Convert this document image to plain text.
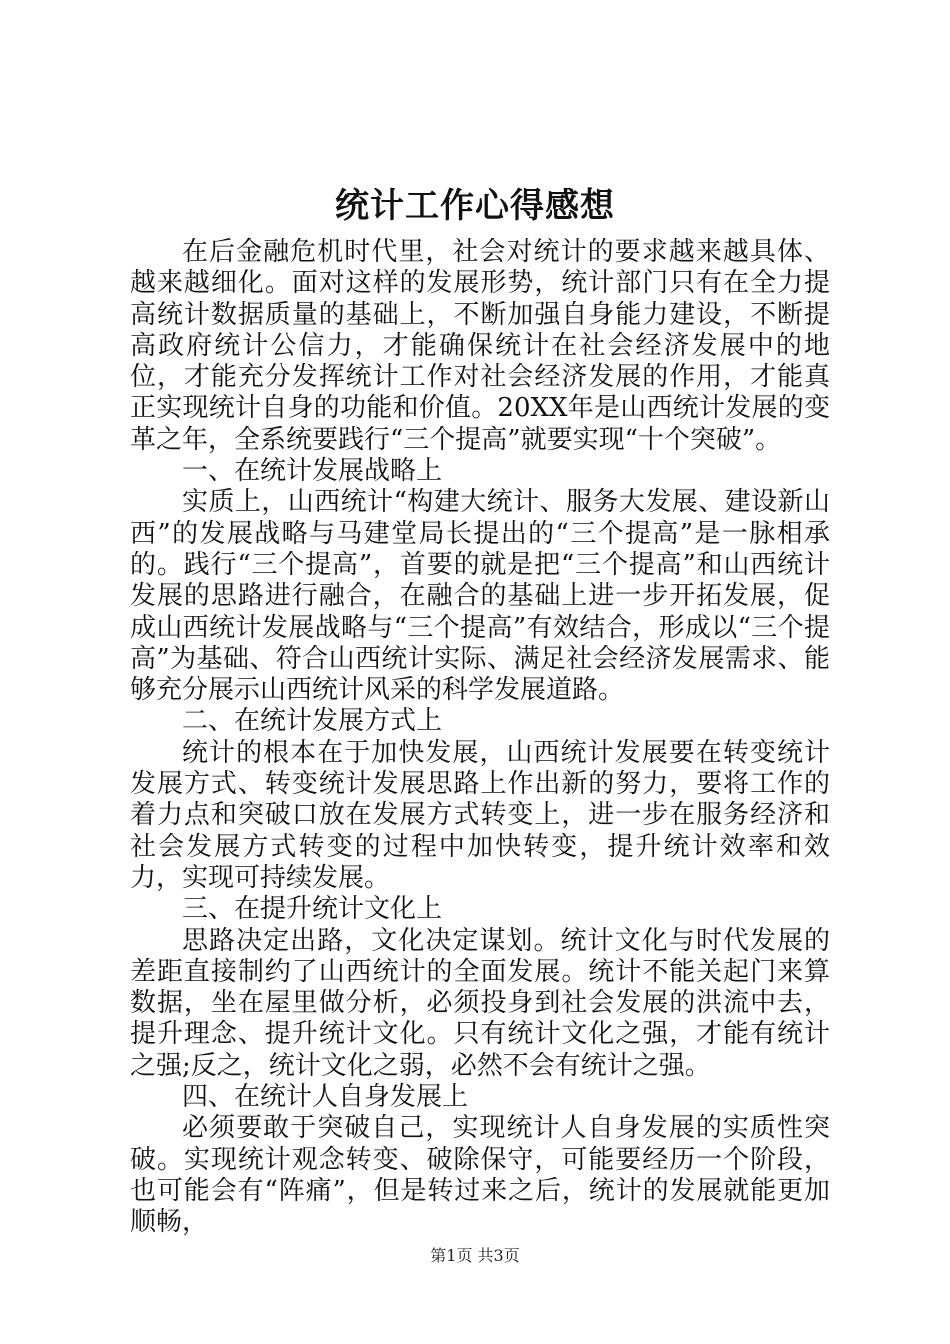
统计工作心得感想

在后金融危机时代里，社会对统计的要求越来越具体、越来越细化。面对这样的发展形势，统计部门只有在全力提高统计数据质量的基础上，不断加强自身能力建设，不断提高政府统计公信力，才能确保统计在社会经济发展中的地位，才能充分发挥统计工作对社会经济发展的作用，才能真正实现统计自身的功能和价值。20XX年是山西统计发展的变革之年，全系统要践行“三个提高”就要实现“十个突破”。

一、在统计发展战略上

实质上，山西统计“构建大统计、服务大发展、建设新山西”的发展战略与马建堂局长提出的“三个提高”是一脉相承的。践行“三个提高”，首要的就是把“三个提高”和山西统计发展的思路进行融合，在融合的基础上进一步开拓发展，促成山西统计发展战略与“三个提高”有效结合，形成以“三个提高”为基础、符合山西统计实际、满足社会经济发展需求、能够充分展示山西统计风采的科学发展道路。

二、在统计发展方式上

统计的根本在于加快发展，山西统计发展要在转变统计发展方式、转变统计发展思路上作出新的努力，要将工作的着力点和突破口放在发展方式转变上，进一步在服务经济和社会发展方式转变的过程中加快转变，提升统计效率和效力，实现可持续发展。

三、在提升统计文化上

思路决定出路，文化决定谋划。统计文化与时代发展的差距直接制约了山西统计的全面发展。统计不能关起门来算数据，坐在屋里做分析，必须投身到社会发展的洪流中去，提升理念、提升统计文化。只有统计文化之强，才能有统计之强;反之，统计文化之弱，必然不会有统计之强。

四、在统计人自身发展上

必须要敢于突破自己，实现统计人自身发展的实质性突破。实现统计观念转变、破除保守，可能要经历一个阶段，也可能会有“阵痛”，但是转过来之后，统计的发展就能更加顺畅，

第1页 共3页
